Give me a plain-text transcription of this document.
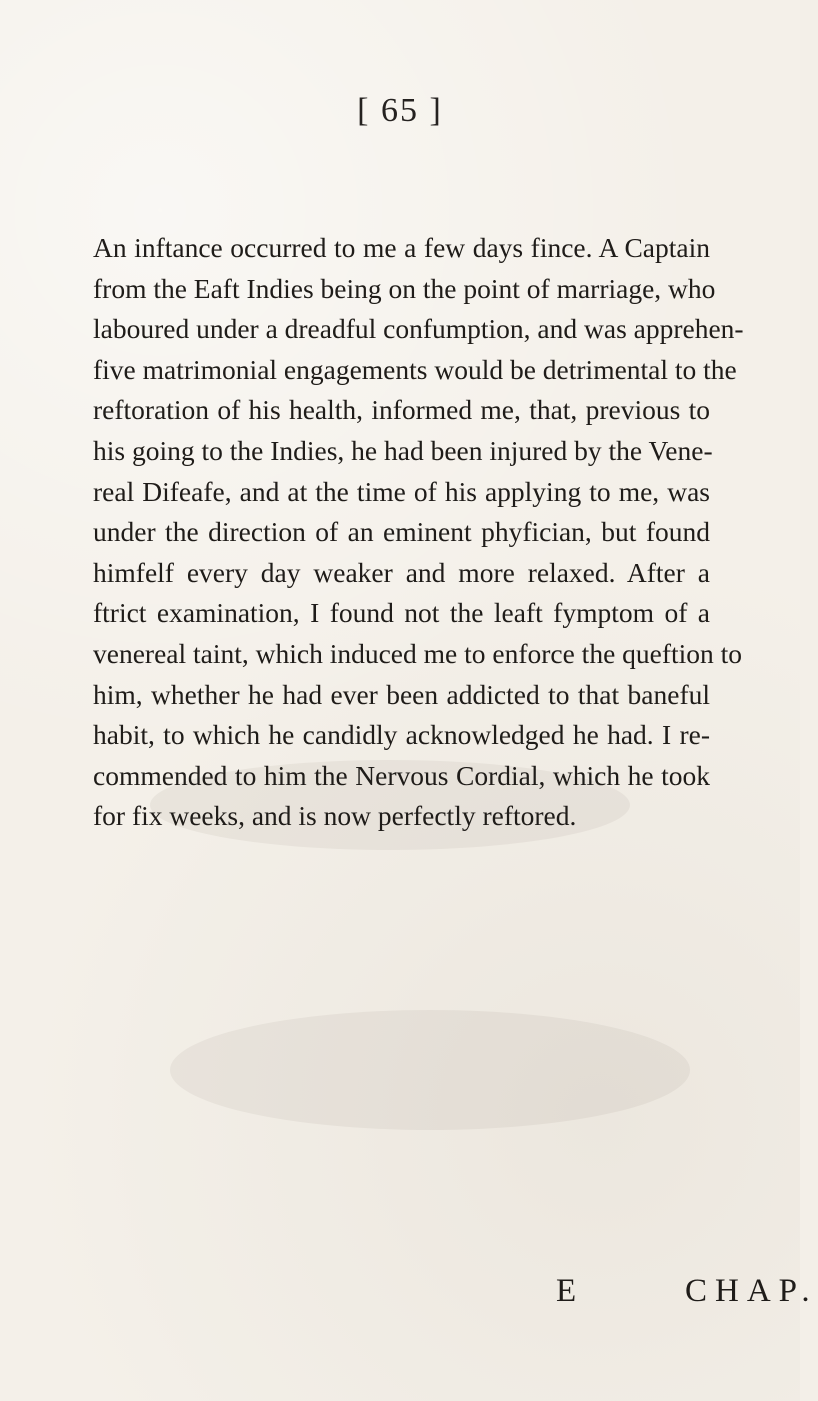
[ 65 ]

An inftance occurred to me a few days fince. A Captain
from the Eaft Indies being on the point of marriage, who
laboured under a dreadful confumption, and was apprehen-
five matrimonial engagements would be detrimental to the
reftoration of his health, informed me, that, previous to
his going to the Indies, he had been injured by the Vene-
real Difeafe, and at the time of his applying to me, was
under the direction of an eminent phyfician, but found
himfelf every day weaker and more relaxed. After a
ftrict examination, I found not the leaft fymptom of a
venereal taint, which induced me to enforce the queftion to
him, whether he had ever been addicted to that baneful
habit, to which he candidly acknowledged he had. I re-
commended to him the Nervous Cordial, which he took
for fix weeks, and is now perfectly reftored.

E	CHAP.
